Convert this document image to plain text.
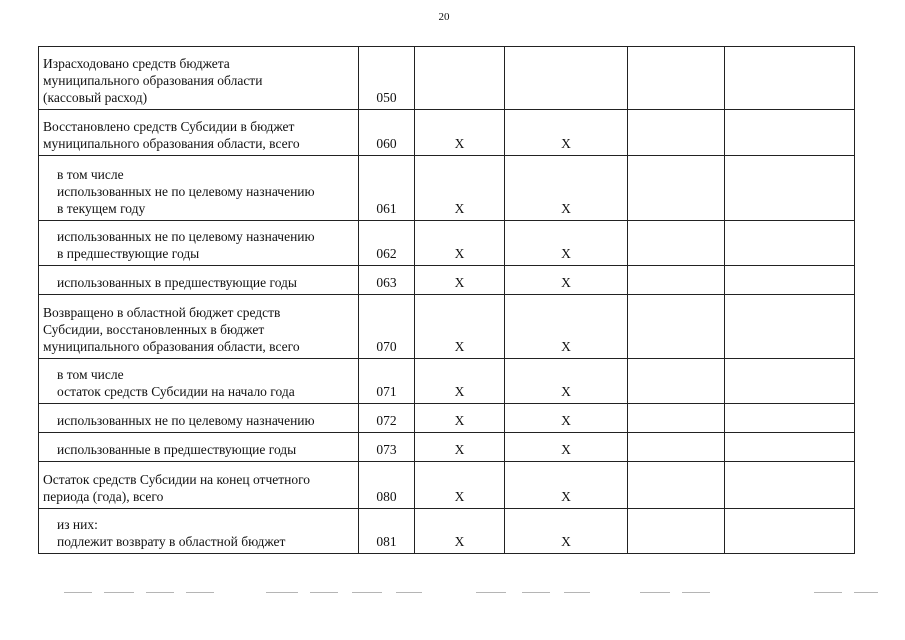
20
Израсходовано средств бюджета
муниципального образования области
(кассовый расход)	050				

Восстановлено средств Субсидии в бюджет
муниципального образования области, всего	060	X	X		

в том числе
использованных не по целевому назначению
в текущем году	061	X	X		

использованных не по целевому назначению
в предшествующие годы	062	X	X		

использованных в предшествующие годы	063	X	X		

Возвращено в областной бюджет средств
Субсидии, восстановленных в бюджет
муниципального образования области, всего	070	X	X		

в том числе
остаток средств Субсидии на начало года	071	X	X		

использованных не по целевому назначению	072	X	X		

использованные в предшествующие годы	073	X	X		

Остаток средств Субсидии на конец отчетного
периода (года), всего	080	X	X		

из них:
подлежит возврату в областной бюджет	081	X	X		
